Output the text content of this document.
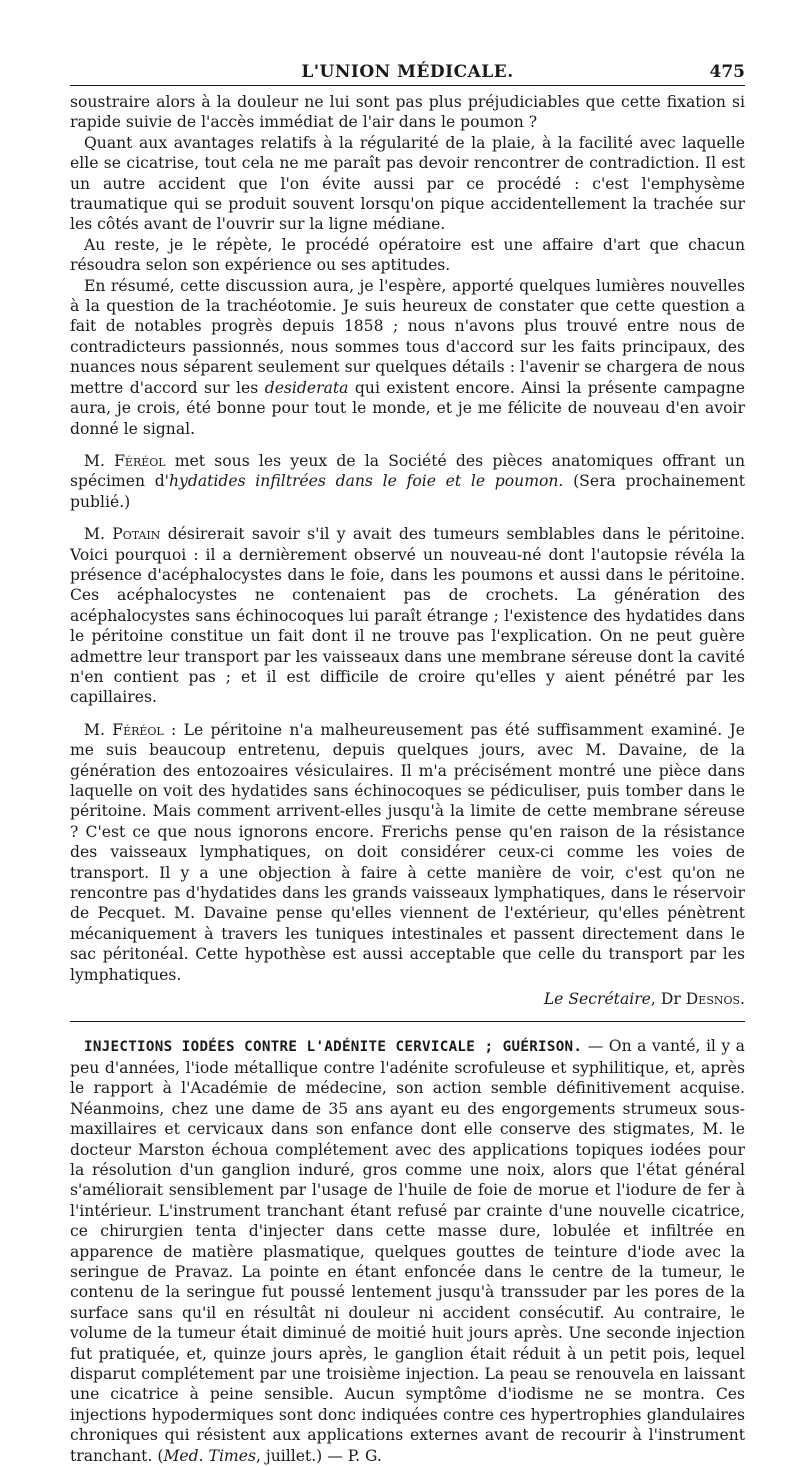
L'UNION MÉDICALE.	475

soustraire alors à la douleur ne lui sont pas plus préjudiciables que cette fixation si rapide suivie de l'accès immédiat de l'air dans le poumon ?

Quant aux avantages relatifs à la régularité de la plaie, à la facilité avec laquelle elle se cicatrise, tout cela ne me paraît pas devoir rencontrer de contradiction. Il est un autre accident que l'on évite aussi par ce procédé : c'est l'emphysème traumatique qui se produit souvent lorsqu'on pique accidentellement la trachée sur les côtés avant de l'ouvrir sur la ligne médiane.

Au reste, je le répète, le procédé opératoire est une affaire d'art que chacun résoudra selon son expérience ou ses aptitudes.

En résumé, cette discussion aura, je l'espère, apporté quelques lumières nouvelles à la question de la trachéotomie. Je suis heureux de constater que cette question a fait de notables progrès depuis 1858 ; nous n'avons plus trouvé entre nous de contradicteurs passionnés, nous sommes tous d'accord sur les faits principaux, des nuances nous séparent seulement sur quelques détails : l'avenir se chargera de nous mettre d'accord sur les desiderata qui existent encore. Ainsi la présente campagne aura, je crois, été bonne pour tout le monde, et je me félicite de nouveau d'en avoir donné le signal.

M. Féréol met sous les yeux de la Société des pièces anatomiques offrant un spécimen d'hydatides infiltrées dans le foie et le poumon. (Sera prochainement publié.)

M. Potain désirerait savoir s'il y avait des tumeurs semblables dans le péritoine. Voici pourquoi : il a dernièrement observé un nouveau-né dont l'autopsie révéla la présence d'acéphalocystes dans le foie, dans les poumons et aussi dans le péritoine. Ces acéphalocystes ne contenaient pas de crochets. La génération des acéphalocystes sans échinocoques lui paraît étrange ; l'existence des hydatides dans le péritoine constitue un fait dont il ne trouve pas l'explication. On ne peut guère admettre leur transport par les vaisseaux dans une membrane séreuse dont la cavité n'en contient pas ; et il est difficile de croire qu'elles y aient pénétré par les capillaires.

M. Féréol : Le péritoine n'a malheureusement pas été suffisamment examiné. Je me suis beaucoup entretenu, depuis quelques jours, avec M. Davaine, de la génération des entozoaires vésiculaires. Il m'a précisément montré une pièce dans laquelle on voit des hydatides sans échinocoques se pédiculiser, puis tomber dans le péritoine. Mais comment arrivent-elles jusqu'à la limite de cette membrane séreuse ? C'est ce que nous ignorons encore. Frerichs pense qu'en raison de la résistance des vaisseaux lymphatiques, on doit considérer ceux-ci comme les voies de transport. Il y a une objection à faire à cette manière de voir, c'est qu'on ne rencontre pas d'hydatides dans les grands vaisseaux lymphatiques, dans le réservoir de Pecquet. M. Davaine pense qu'elles viennent de l'extérieur, qu'elles pénètrent mécaniquement à travers les tuniques intestinales et passent directement dans le sac péritonéal. Cette hypothèse est aussi acceptable que celle du transport par les lymphatiques.

Le Secrétaire, Dr Desnos.

INJECTIONS IODÉES CONTRE L'ADÉNITE CERVICALE ; GUÉRISON. — On a vanté, il y a peu d'années, l'iode métallique contre l'adénite scrofuleuse et syphilitique, et, après le rapport à l'Académie de médecine, son action semble définitivement acquise. Néanmoins, chez une dame de 35 ans ayant eu des engorgements strumeux sous-maxillaires et cervicaux dans son enfance dont elle conserve des stigmates, M. le docteur Marston échoua complétement avec des applications topiques iodées pour la résolution d'un ganglion induré, gros comme une noix, alors que l'état général s'améliorait sensiblement par l'usage de l'huile de foie de morue et l'iodure de fer à l'intérieur. L'instrument tranchant étant refusé par crainte d'une nouvelle cicatrice, ce chirurgien tenta d'injecter dans cette masse dure, lobulée et infiltrée en apparence de matière plasmatique, quelques gouttes de teinture d'iode avec la seringue de Pravaz. La pointe en étant enfoncée dans le centre de la tumeur, le contenu de la seringue fut poussé lentement jusqu'à transsuder par les pores de la surface sans qu'il en résultât ni douleur ni accident consécutif. Au contraire, le volume de la tumeur était diminué de moitié huit jours après. Une seconde injection fut pratiquée, et, quinze jours après, le ganglion était réduit à un petit pois, lequel disparut complétement par une troisième injection. La peau se renouvela en laissant une cicatrice à peine sensible. Aucun symptôme d'iodisme ne se montra. Ces injections hypodermiques sont donc indiquées contre ces hypertrophies glandulaires chroniques qui résistent aux applications externes avant de recourir à l'instrument tranchant. (Med. Times, juillet.) — P. G.
